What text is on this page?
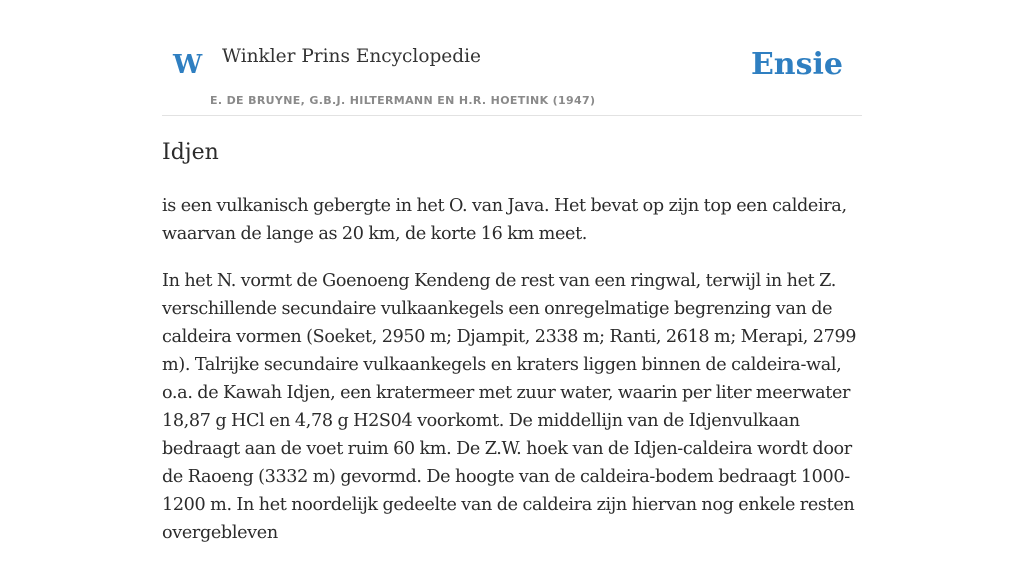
W Winkler Prins Encyclopedie
E. DE BRUYNE, G.B.J. HILTERMANN EN H.R. HOETINK (1947)
Ensie
Idjen

is een vulkanisch gebergte in het O. van Java. Het bevat op zijn top een caldeira, waarvan de lange as 20 km, de korte 16 km meet.

In het N. vormt de Goenoeng Kendeng de rest van een ringwal, terwijl in het Z. verschillende secundaire vulkaankegels een onregelmatige begrenzing van de caldeira vormen (Soeket, 2950 m; Djampit, 2338 m; Ranti, 2618 m; Merapi, 2799 m). Talrijke secundaire vulkaankegels en kraters liggen binnen de caldeira-wal, o.a. de Kawah Idjen, een kratermeer met zuur water, waarin per liter meerwater 18,87 g HCl en 4,78 g H2S04 voorkomt. De middellijn van de Idjenvulkaan bedraagt aan de voet ruim 60 km. De Z.W. hoek van de Idjen-caldeira wordt door de Raoeng (3332 m) gevormd. De hoogte van de caldeira-bodem bedraagt 1000-1200 m. In het noordelijk gedeelte van de caldeira zijn hiervan nog enkele resten overgebleven
